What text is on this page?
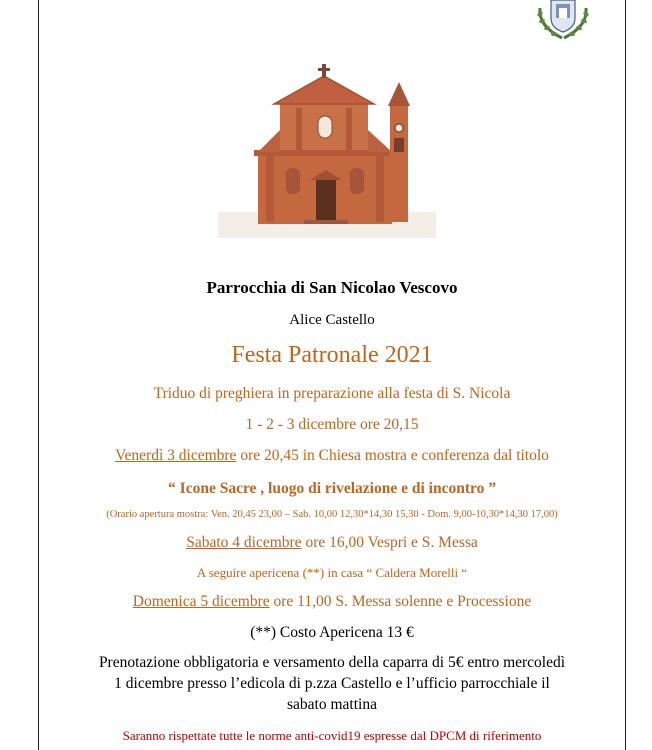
Parrocchia di San Nicolao Vescovo
Alice Castello
Festa Patronale 2021
Triduo di preghiera in preparazione alla festa di S. Nicola
1 - 2 - 3 dicembre ore 20,15
Venerdì 3 dicembre ore 20,45 in Chiesa mostra e conferenza dal titolo
“ Icone Sacre , luogo di rivelazione e di incontro ”
(Orario apertura mostra: Ven. 20,45 23,00 – Sab. 10,00 12,30*14,30 15,30 - Dom. 9,00-10,30*14,30 17,00)
Sabato 4 dicembre ore 16,00 Vespri e S. Messa
A seguire apericena (**) in casa “ Caldera Morelli “
Domenica 5 dicembre ore 11,00 S. Messa solenne e Processione
(**) Costo Apericena 13 €
Prenotazione obbligatoria e versamento della caparra di 5€ entro mercoledì
1 dicembre presso l’edicola di p.zza Castello e l’ufficio parrocchiale il
sabato mattina
Saranno rispettate tutte le norme anti-covid19 espresse dal DPCM di riferimento
